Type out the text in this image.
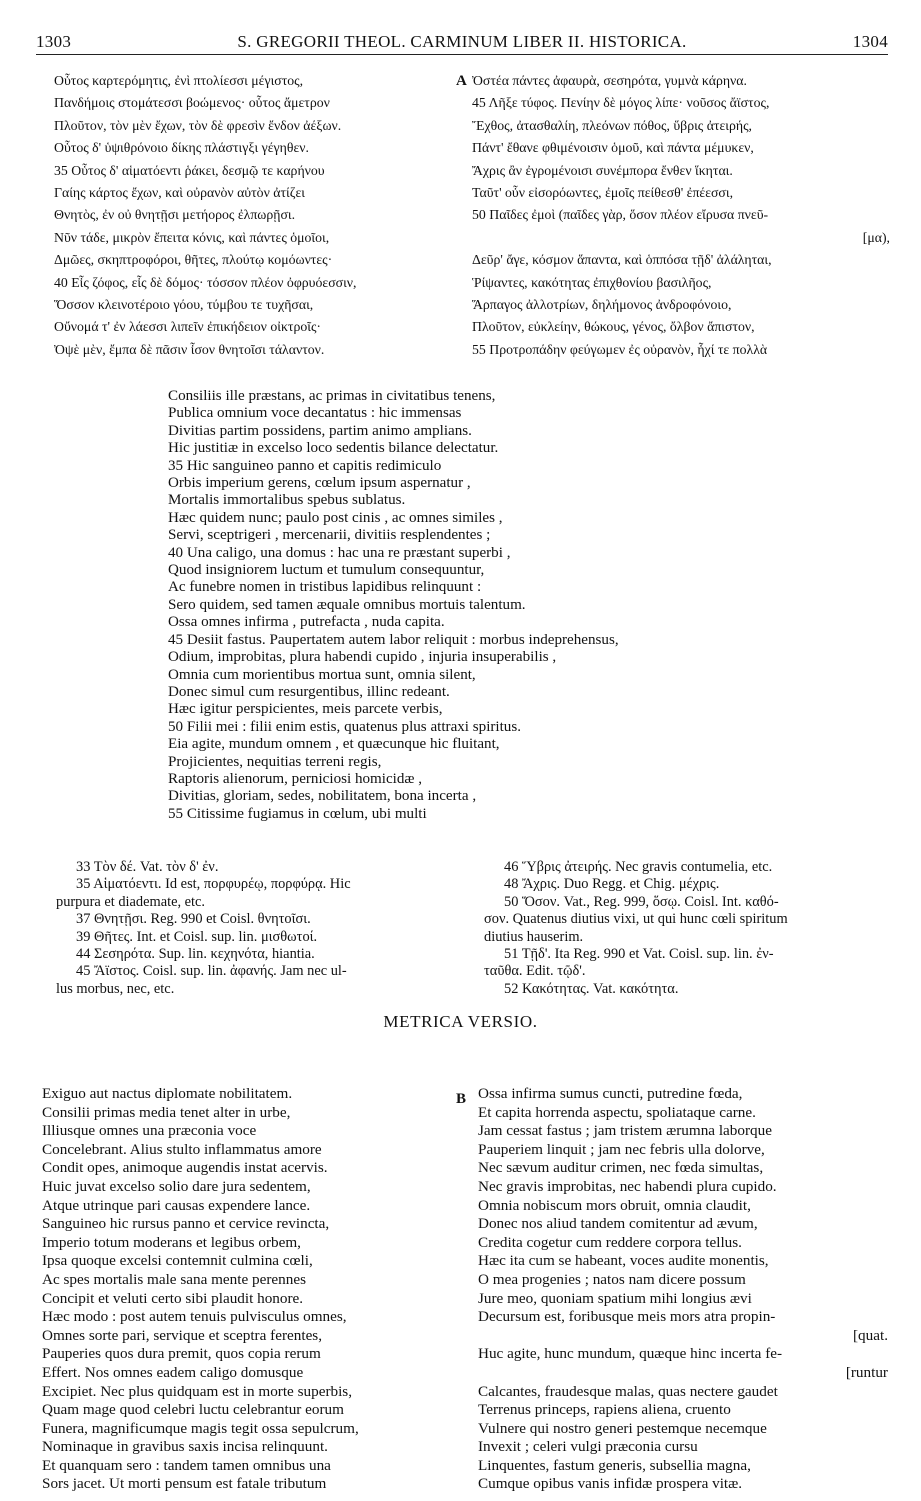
1303	S. GREGORII THEOL. CARMINUM LIBER II. HISTORICA.	1304
A
B
Οὗτος καρτερόμητις, ἐνὶ πτολίεσσι μέγιστος,
Πανδήμοις στομάτεσσι βοώμενος· οὗτος ἄμετρον
Πλοῦτον, τὸν μὲν ἔχων, τὸν δὲ φρεσὶν ἔνδον ἀέξων.
Οὗτος δ' ὑψιθρόνοιο δίκης πλάστιγξι γέγηθεν.
35 Οὗτος δ' αἱματόεντι ῥάκει, δεσμῷ τε καρήνου
Γαίης κάρτος ἔχων, καὶ οὐρανὸν αὐτὸν ἀτίζει
Θνητὸς, ἐν οὐ θνητῇσι μετήορος ἐλπωρῇσι.
Νῦν τάδε, μικρὸν ἔπειτα κόνις, καὶ πάντες ὁμοῖοι,
Δμῶες, σκηπτροφόροι, θῆτες, πλούτῳ κομόωντες·
40 Εἷς ζόφος, εἷς δὲ δόμος· τόσσον πλέον ὀφρυόεσσιν,
Ὅσσον κλεινοτέροιο γόου, τύμβου τε τυχῆσαι,
Οὔνομά τ' ἐν λάεσσι λιπεῖν ἐπικήδειον οἰκτροῖς·
Ὀψὲ μὲν, ἔμπα δὲ πᾶσιν ἶσον θνητοῖσι τάλαντον.
Ὀστέα πάντες ἀφαυρὰ, σεσηρότα, γυμνὰ κάρηνα.
45 Λῆξε τύφος. Πενίην δὲ μόγος λίπε· νοῦσος ἄϊστος,
Ἔχθος, ἀτασθαλίη, πλεόνων πόθος, ὕβρις ἀτειρής,
Πάντ' ἔθανε φθιμένοισιν ὁμοῦ, καὶ πάντα μέμυκεν,
Ἄχρις ἂν ἐγρομένοισι συνέμπορα ἔνθεν ἵκηται.
Ταῦτ' οὖν εἰσορόωντες, ἐμοῖς πείθεσθ' ἐπέεσσι,
50 Παῖδες ἐμοὶ (παῖδες γὰρ, ὅσον πλέον εἴρυσα πνεῦ-
[μα),
Δεῦρ' ἄγε, κόσμον ἅπαντα, καὶ ὁππόσα τῇδ' ἀλάληται,
Ῥίψαντες, κακότητας ἐπιχθονίου βασιλῆος,
Ἅρπαγος ἀλλοτρίων, δηλήμονος ἀνδροφόνοιο,
Πλοῦτον, εὐκλείην, θώκους, γένος, ὄλβον ἄπιστον,
55 Προτροπάδην φεύγωμεν ἐς οὐρανὸν, ἧχί τε πολλὰ
Consiliis ille præstans, ac primas in civitatibus tenens,
Publica omnium voce decantatus : hic immensas
Divitias partim possidens, partim animo amplians.
Hic justitiæ in excelso loco sedentis bilance delectatur.
35 Hic sanguineo panno et capitis redimiculo
Orbis imperium gerens, cœlum ipsum aspernatur ,
Mortalis immortalibus spebus sublatus.
Hæc quidem nunc; paulo post cinis , ac omnes similes ,
Servi, sceptrigeri , mercenarii, divitiis resplendentes ;
40 Una caligo, una domus : hac una re præstant superbi ,
Quod insigniorem luctum et tumulum consequuntur,
Ac funebre nomen in tristibus lapidibus relinquunt :
Sero quidem, sed tamen æquale omnibus mortuis talentum.
Ossa omnes infirma , putrefacta , nuda capita.
45 Desiit fastus. Paupertatem autem labor reliquit : morbus indeprehensus,
Odium, improbitas, plura habendi cupido , injuria insuperabilis ,
Omnia cum morientibus mortua sunt, omnia silent,
Donec simul cum resurgentibus, illinc redeant.
Hæc igitur perspicientes, meis parcete verbis,
50 Filii mei : filii enim estis, quatenus plus attraxi spiritus.
Eia agite, mundum omnem , et quæcunque hic fluitant,
Projicientes, nequitias terreni regis,
Raptoris alienorum, perniciosi homicidæ ,
Divitias, gloriam, sedes, nobilitatem, bona incerta ,
55 Citissime fugiamus in cœlum, ubi multi
33 Τὸν δέ. Vat. τὸν δ' ἐν.
35 Αἱματόεντι. Id est, πορφυρέῳ, πορφύρᾳ. Hic
purpura et diademate, etc.
37 Θνητῇσι. Reg. 990 et Coisl. θνητοῖσι.
39 Θῆτες. Int. et Coisl. sup. lin. μισθωτοί.
44 Σεσηρότα. Sup. lin. κεχηνότα, hiantia.
45 Ἄϊστος. Coisl. sup. lin. ἀφανής. Jam nec ul-
lus morbus, nec, etc.
46 Ὕβρις ἀτειρής. Nec gravis contumelia, etc.
48 Ἄχρις. Duo Regg. et Chig. μέχρις.
50 Ὅσον. Vat., Reg. 999, ὅσῳ. Coisl. Int. καθό-
σον. Quatenus diutius vixi, ut qui hunc cœli spiritum
diutius hauserim.
51 Τῇδ'. Ita Reg. 990 et Vat. Coisl. sup. lin. ἐν-
ταῦθα. Edit. τῷδ'.
52 Κακότητας. Vat. κακότητα.
METRICA VERSIO.
Exiguo aut nactus diplomate nobilitatem.
Consilii primas media tenet alter in urbe,
Illiusque omnes una præconia voce
Concelebrant. Alius stulto inflammatus amore
Condit opes, animoque augendis instat acervis.
Huic juvat excelso solio dare jura sedentem,
Atque utrinque pari causas expendere lance.
Sanguineo hic rursus panno et cervice revincta,
Imperio totum moderans et legibus orbem,
Ipsa quoque excelsi contemnit culmina cœli,
Ac spes mortalis male sana mente perennes
Concipit et veluti certo sibi plaudit honore.
Hæc modo : post autem tenuis pulvisculus omnes,
Omnes sorte pari, servique et sceptra ferentes,
Pauperies quos dura premit, quos copia rerum
Effert. Nos omnes eadem caligo domusque
Excipiet. Nec plus quidquam est in morte superbis,
Quam mage quod celebri luctu celebrantur eorum
Funera, magnificumque magis tegit ossa sepulcrum,
Nominaque in gravibus saxis incisa relinquunt.
Et quanquam sero : tandem tamen omnibus una
Sors jacet. Ut morti pensum est fatale tributum
Ossa infirma sumus cuncti, putredine fœda,
Et capita horrenda aspectu, spoliataque carne.
Jam cessat fastus ; jam tristem ærumna laborque
Pauperiem linquit ; jam nec febris ulla dolorve,
Nec sævum auditur crimen, nec fœda simultas,
Nec gravis improbitas, nec habendi plura cupido.
Omnia nobiscum mors obruit, omnia claudit,
Donec nos aliud tandem comitentur ad ævum,
Credita cogetur cum reddere corpora tellus.
Hæc ita cum se habeant, voces audite monentis,
O mea progenies ; natos nam dicere possum
Jure meo, quoniam spatium mihi longius ævi
Decursum est, foribusque meis mors atra propin-
[quat.
Huc agite, hunc mundum, quæque hinc incerta fe-
[runtur
Calcantes, fraudesque malas, quas nectere gaudet
Terrenus princeps, rapiens aliena, cruento
Vulnere qui nostro generi pestemque necemque
Invexit ; celeri vulgi præconia cursu
Linquentes, fastum generis, subsellia magna,
Cumque opibus vanis infidæ prospera vitæ.
